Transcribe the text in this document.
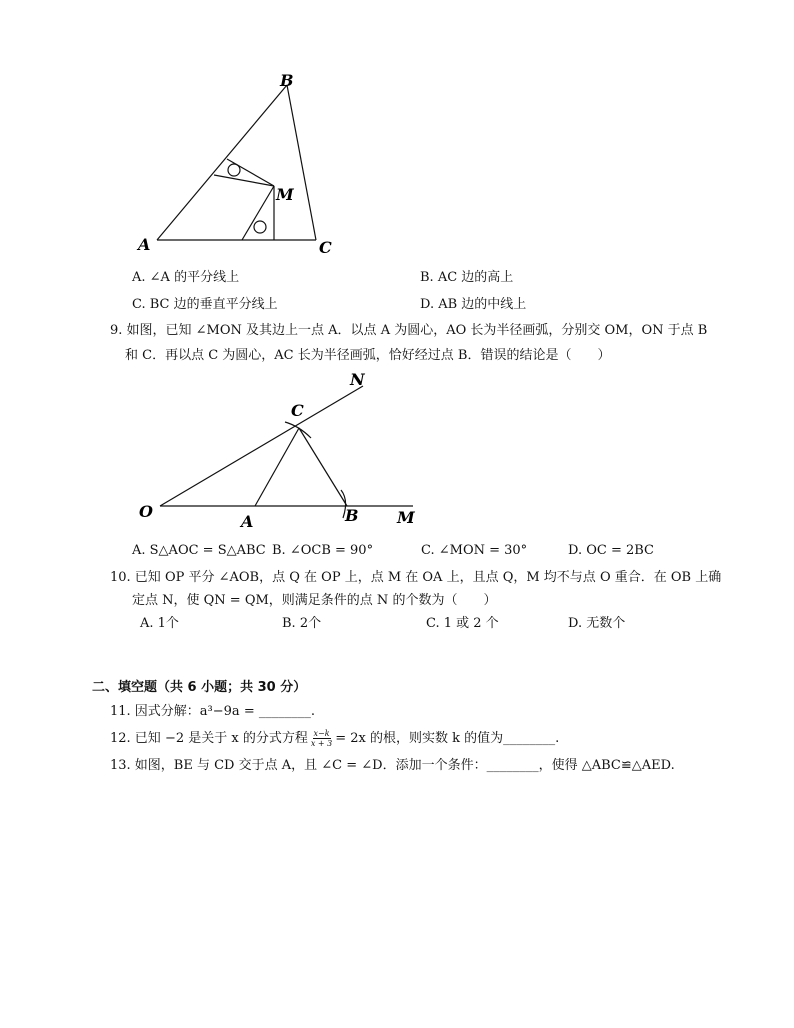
B
M
A	C
A. ∠A 的平分线上	B. AC 边的高上
C. BC 边的垂直平分线上	D. AB 边的中线上
9. 如图，已知 ∠MON 及其边上一点 A．以点 A 为圆心，AO 长为半径画弧，分别交 OM，ON 于点 B
和 C．再以点 C 为圆心，AC 长为半径画弧，恰好经过点 B．错误的结论是（　　）
N
C
O
A	B M
A. S△AOC = S△ABC B. ∠OCB = 90°	C. ∠MON = 30°	D. OC = 2BC
10. 已知 OP 平分 ∠AOB，点 Q 在 OP 上，点 M 在 OA 上，且点 Q，M 均不与点 O 重合．在 OB 上确
定点 N，使 QN = QM，则满足条件的点 N 的个数为（　　）
A. 1个	B. 2个	C. 1 或 2 个	D. 无数个
二、填空题（共 6 小题；共 30 分）
11. 因式分解：a³−9a = ________.
12. 已知 −2 是关于 x 的分式方程 $\frac{x-k}{x + 3} = 2x$ 的根，则实数 k 的值为________.
13. 如图，BE 与 CD 交于点 A，且 ∠C = ∠D．添加一个条件：________，使得 △ABC≌△AED.
